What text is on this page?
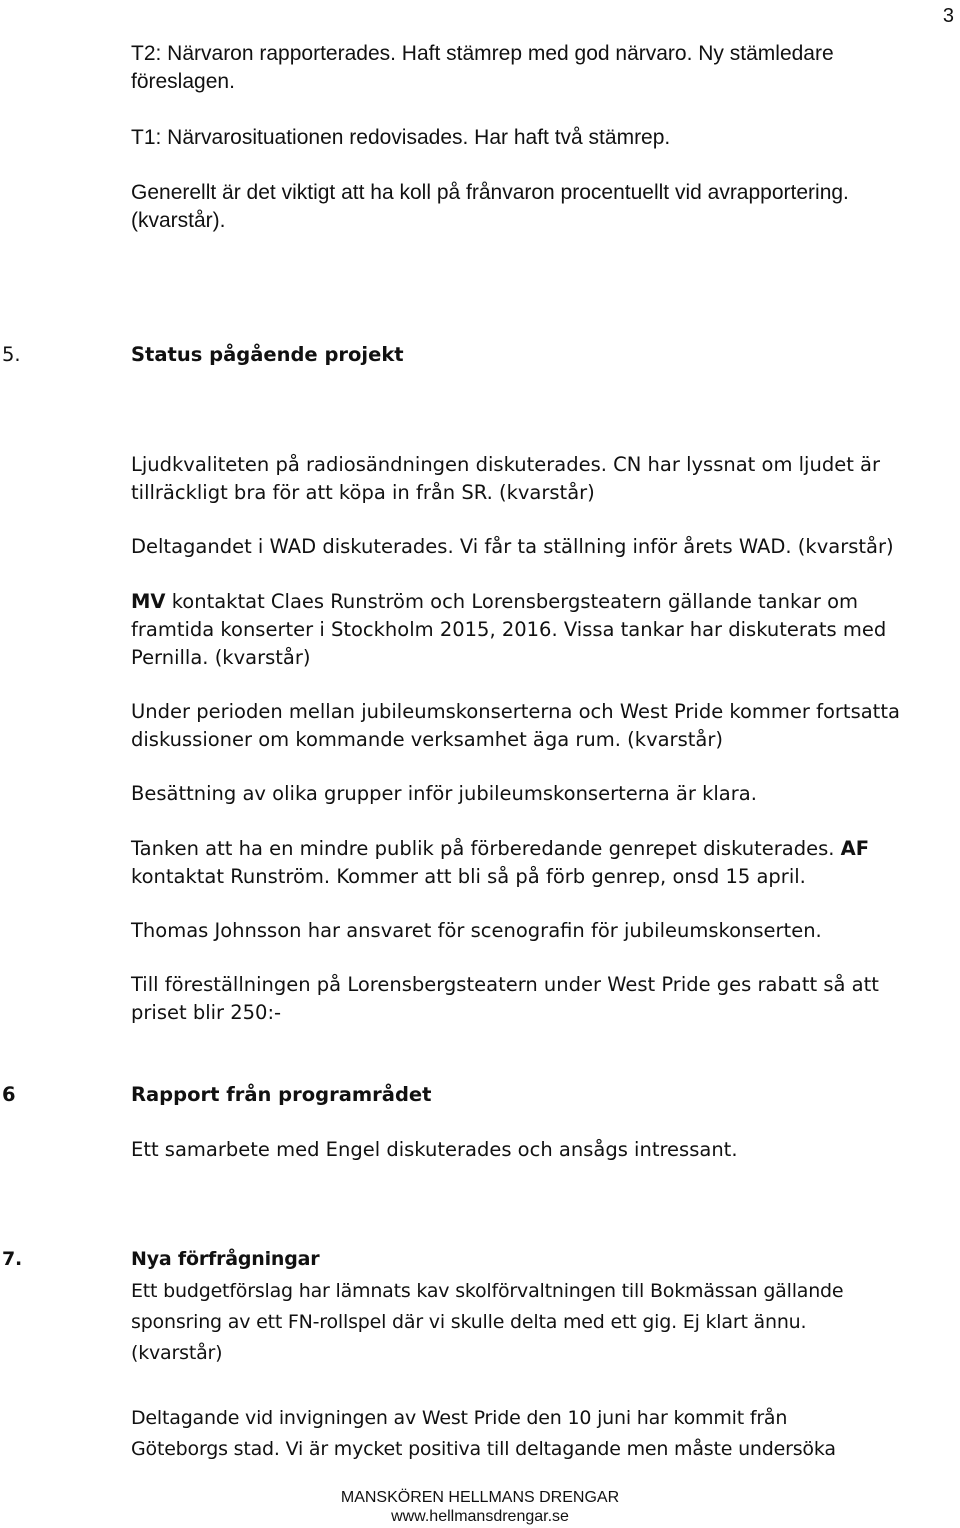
3
T2: Närvaron rapporterades. Haft stämrep med god närvaro. Ny stämledare
föreslagen.
T1: Närvarosituationen redovisades. Har haft två stämrep.
Generellt är det viktigt att ha koll på frånvaron procentuellt vid avrapportering.
(kvarstår).
5.	Status pågående projekt
Ljudkvaliteten på radiosändningen diskuterades. CN har lyssnat om ljudet är
tillräckligt bra för att köpa in från SR. (kvarstår)
Deltagandet i WAD diskuterades. Vi får ta ställning inför årets WAD. (kvarstår)
MV kontaktat Claes Runström och Lorensbergsteatern gällande tankar om
framtida konserter i Stockholm 2015, 2016. Vissa tankar har diskuterats med
Pernilla. (kvarstår)
Under perioden mellan jubileumskonserterna och West Pride kommer fortsatta
diskussioner om kommande verksamhet äga rum. (kvarstår)
Besättning av olika grupper inför jubileumskonserterna är klara.
Tanken att ha en mindre publik på förberedande genrepet diskuterades. AF
kontaktat Runström. Kommer att bli så på förb genrep, onsd 15 april.
Thomas Johnsson har ansvaret för scenografin för jubileumskonserten.
Till föreställningen på Lorensbergsteatern under West Pride ges rabatt så att
priset blir 250:-
6	Rapport från programrådet
Ett samarbete med Engel diskuterades och ansågs intressant.
7.	Nya förfrågningar
Ett budgetförslag har lämnats kav skolförvaltningen till Bokmässan gällande
sponsring av ett FN-rollspel där vi skulle delta med ett gig. Ej klart ännu.
(kvarstår)
Deltagande vid invigningen av West Pride den 10 juni har kommit från
Göteborgs stad. Vi är mycket positiva till deltagande men måste undersöka
MANSKÖREN HELLMANS DRENGAR
www.hellmansdrengar.se
